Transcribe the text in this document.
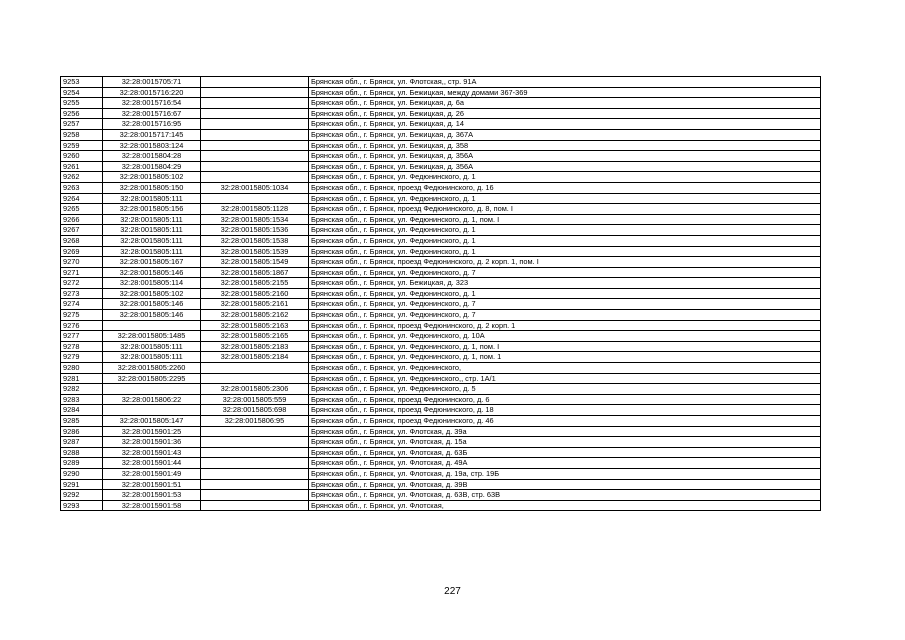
9253	32:28:0015705:71		Брянская обл., г. Брянск, ул. Флотская,, стр. 91А
9254	32:28:0015716:220		Брянская обл., г. Брянск, ул. Бежицкая, между домами 367-369
9255	32:28:0015716:54		Брянская обл., г. Брянск, ул. Бежицкая, д. 6а
9256	32:28:0015716:67		Брянская обл., г. Брянск, ул. Бежицкая, д. 26
9257	32:28:0015716:95		Брянская обл., г. Брянск, ул. Бежицкая, д. 14
9258	32:28:0015717:145		Брянская обл., г. Брянск, ул. Бежицкая, д. 367А
9259	32:28:0015803:124		Брянская обл., г. Брянск, ул. Бежицкая, д. 358
9260	32:28:0015804:28		Брянская обл., г. Брянск, ул. Бежицкая, д. 356А
9261	32:28:0015804:29		Брянская обл., г. Брянск, ул. Бежицкая, д. 356А
9262	32:28:0015805:102		Брянская обл., г. Брянск, ул. Федюнинского, д. 1
9263	32:28:0015805:150	32:28:0015805:1034	Брянская обл., г. Брянск, проезд Федюнинского, д. 16
9264	32:28:0015805:111		Брянская обл., г. Брянск, ул. Федюнинского, д. 1
9265	32:28:0015805:156	32:28:0015805:1128	Брянская обл., г. Брянск, проезд Федюнинского, д. 8, пом. I
9266	32:28:0015805:111	32:28:0015805:1534	Брянская обл., г. Брянск, ул. Федюнинского, д. 1, пом. I
9267	32:28:0015805:111	32:28:0015805:1536	Брянская обл., г. Брянск, ул. Федюнинского, д. 1
9268	32:28:0015805:111	32:28:0015805:1538	Брянская обл., г. Брянск, ул. Федюнинского, д. 1
9269	32:28:0015805:111	32:28:0015805:1539	Брянская обл., г. Брянск, ул. Федюнинского, д. 1
9270	32:28:0015805:167	32:28:0015805:1549	Брянская обл., г. Брянск, проезд Федюнинского, д. 2 корп. 1, пом. I
9271	32:28:0015805:146	32:28:0015805:1867	Брянская обл., г. Брянск, ул. Федюнинского, д. 7
9272	32:28:0015805:114	32:28:0015805:2155	Брянская обл., г. Брянск, ул. Бежицкая, д. 323
9273	32:28:0015805:102	32:28:0015805:2160	Брянская обл., г. Брянск, ул. Федюнинского, д. 1
9274	32:28:0015805:146	32:28:0015805:2161	Брянская обл., г. Брянск, ул. Федюнинского, д. 7
9275	32:28:0015805:146	32:28:0015805:2162	Брянская обл., г. Брянск, ул. Федюнинского, д. 7
9276		32:28:0015805:2163	Брянская обл., г. Брянск, проезд Федюнинского, д. 2 корп. 1
9277	32:28:0015805:1485	32:28:0015805:2165	Брянская обл., г. Брянск, ул. Федюнинского, д. 10А
9278	32:28:0015805:111	32:28:0015805:2183	Брянская обл., г. Брянск, ул. Федюнинского, д. 1, пом. I
9279	32:28:0015805:111	32:28:0015805:2184	Брянская обл., г. Брянск, ул. Федюнинского, д. 1, пом. 1
9280	32:28:0015805:2260		Брянская обл., г. Брянск, ул. Федюнинского,
9281	32:28:0015805:2295		Брянская обл., г. Брянск, ул. Федюнинского,, стр. 1А/1
9282		32:28:0015805:2306	Брянская обл., г. Брянск, ул. Федюнинского, д. 5
9283	32:28:0015806:22	32:28:0015805:559	Брянская обл., г. Брянск, проезд Федюнинского, д. 6
9284		32:28:0015805:698	Брянская обл., г. Брянск, проезд Федюнинского, д. 18
9285	32:28:0015805:147	32:28:0015806:95	Брянская обл., г. Брянск, проезд Федюнинского, д. 46
9286	32:28:0015901:25		Брянская обл., г. Брянск, ул. Флотская, д. 39а
9287	32:28:0015901:36		Брянская обл., г. Брянск, ул. Флотская, д. 15а
9288	32:28:0015901:43		Брянская обл., г. Брянск, ул. Флотская, д. 63Б
9289	32:28:0015901:44		Брянская обл., г. Брянск, ул. Флотская, д. 49А
9290	32:28:0015901:49		Брянская обл., г. Брянск, ул. Флотская, д. 19а, стр. 19Б
9291	32:28:0015901:51		Брянская обл., г. Брянск, ул. Флотская, д. 39В
9292	32:28:0015901:53		Брянская обл., г. Брянск, ул. Флотская, д. 63В, стр. 63В
9293	32:28:0015901:58		Брянская обл., г. Брянск, ул. Флотская,
227
